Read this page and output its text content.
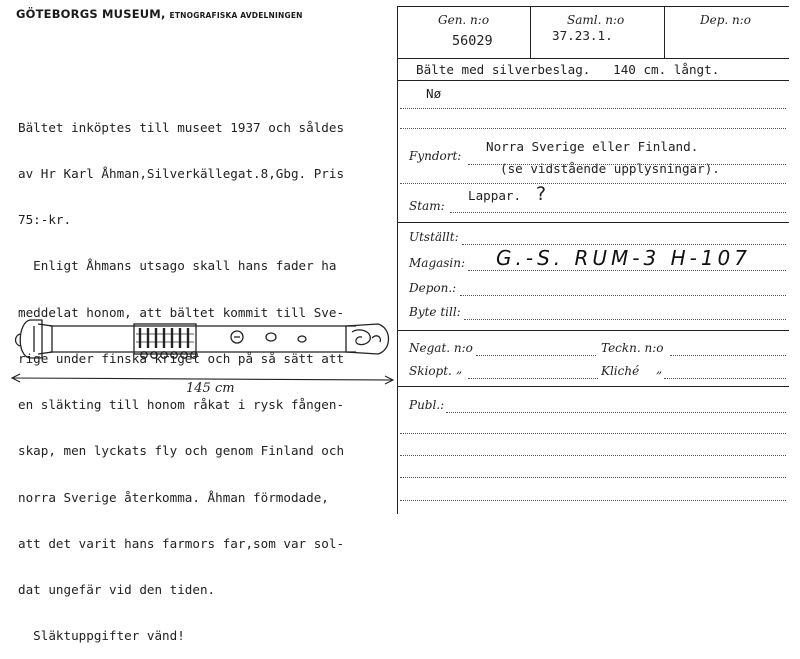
GÖTEBORGS MUSEUM, ETNOGRAFISKA AVDELNINGEN

Bältet inköptes till museet 1937 och såldes

av Hr Karl Åhman,Silverkällegat.8,Gbg. Pris

75:-kr.

Enligt Åhmans utsago skall hans fader ha

meddelat honom, att bältet kommit till Sve-

rige under finska kriget och på så sätt att

en släkting till honom råkat i rysk fången-

skap, men lyckats fly och genom Finland och

norra Sverige återkomma. Åhman förmodade,

att det varit hans farmors far,som var sol-

dat ungefär vid den tiden.

Släktuppgifter vänd!

145 cm
Gen. n:o
56029
Saml. n:o
37.23.1.
Dep. n:o
Bälte med silverbeslag.   140 cm. långt.
Nø
Fyndort:
Norra Sverige eller Finland.
(se vidstående upplysningar).
Lappar. ?
Stam:
Utställt:
Magasin: G.-S. RUM-3 H-107
Depon.:
Byte till:
Negat. n:o	Teckn. n:o
Skiopt. „	Kliché „
Publ.:
